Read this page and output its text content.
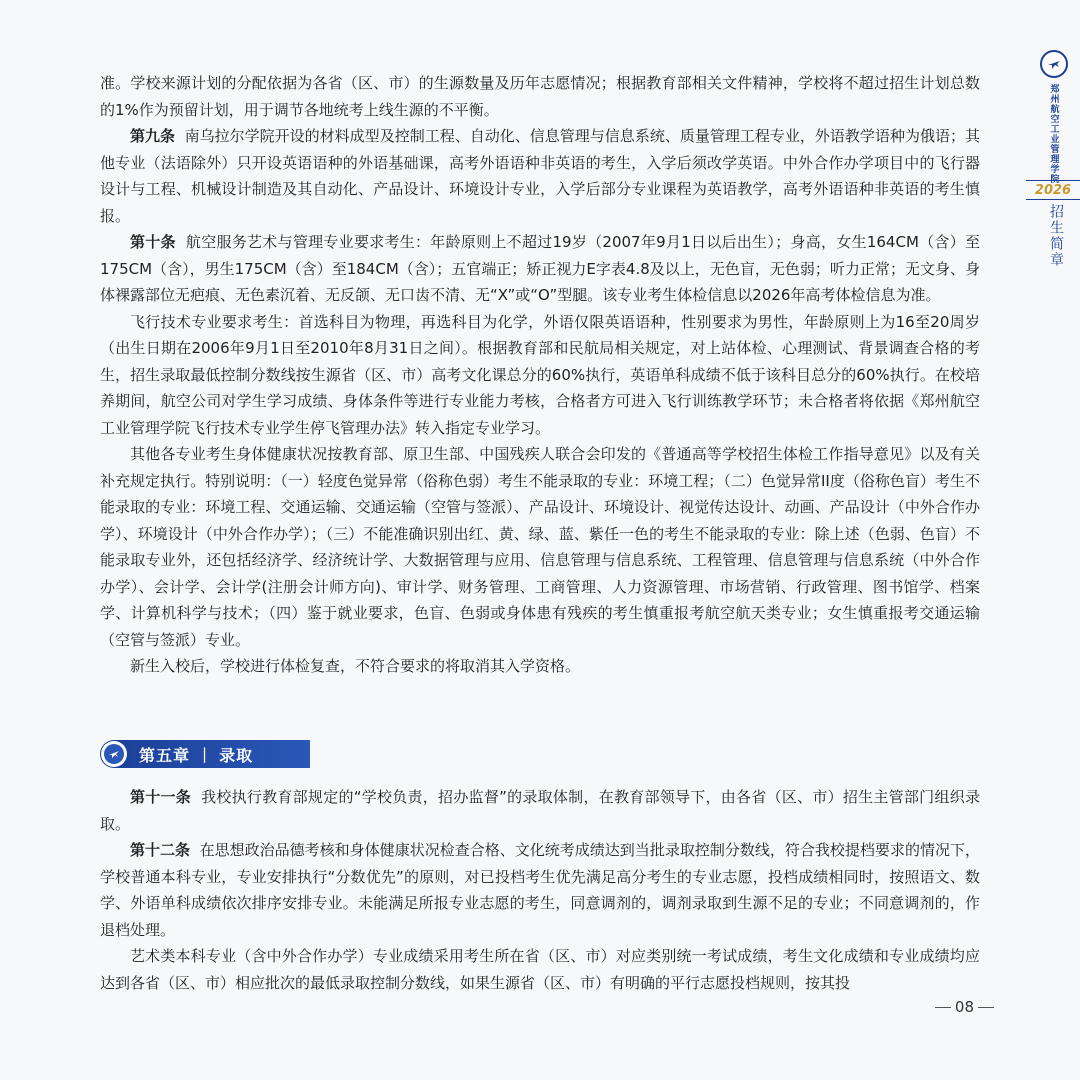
郑州航空工业管理学院
2026
招生简章

准。学校来源计划的分配依据为各省（区、市）的生源数量及历年志愿情况；根据教育部相关文件精神，学校将不超过招生计划总数的1%作为预留计划，用于调节各地统考上线生源的不平衡。

第九条 南乌拉尔学院开设的材料成型及控制工程、自动化、信息管理与信息系统、质量管理工程专业，外语教学语种为俄语；其他专业（法语除外）只开设英语语种的外语基础课，高考外语语种非英语的考生，入学后须改学英语。中外合作办学项目中的飞行器设计与工程、机械设计制造及其自动化、产品设计、环境设计专业，入学后部分专业课程为英语教学，高考外语语种非英语的考生慎报。

第十条 航空服务艺术与管理专业要求考生：年龄原则上不超过19岁（2007年9月1日以后出生）；身高，女生164CM（含）至175CM（含），男生175CM（含）至184CM（含）；五官端正；矫正视力E字表4.8及以上，无色盲，无色弱；听力正常；无文身、身体裸露部位无疤痕、无色素沉着、无反颌、无口齿不清、无“X”或“O”型腿。该专业考生体检信息以2026年高考体检信息为准。

飞行技术专业要求考生：首选科目为物理，再选科目为化学，外语仅限英语语种，性别要求为男性，年龄原则上为16至20周岁（出生日期在2006年9月1日至2010年8月31日之间）。根据教育部和民航局相关规定，对上站体检、心理测试、背景调查合格的考生，招生录取最低控制分数线按生源省（区、市）高考文化课总分的60%执行，英语单科成绩不低于该科目总分的60%执行。在校培养期间，航空公司对学生学习成绩、身体条件等进行专业能力考核，合格者方可进入飞行训练教学环节；未合格者将依据《郑州航空工业管理学院飞行技术专业学生停飞管理办法》转入指定专业学习。

其他各专业考生身体健康状况按教育部、原卫生部、中国残疾人联合会印发的《普通高等学校招生体检工作指导意见》以及有关补充规定执行。特别说明：（一）轻度色觉异常（俗称色弱）考生不能录取的专业：环境工程；（二）色觉异常II度（俗称色盲）考生不能录取的专业：环境工程、交通运输、交通运输（空管与签派）、产品设计、环境设计、视觉传达设计、动画、产品设计（中外合作办学）、环境设计（中外合作办学）；（三）不能准确识别出红、黄、绿、蓝、紫任一色的考生不能录取的专业：除上述（色弱、色盲）不能录取专业外，还包括经济学、经济统计学、大数据管理与应用、信息管理与信息系统、工程管理、信息管理与信息系统（中外合作办学）、会计学、会计学(注册会计师方向)、审计学、财务管理、工商管理、人力资源管理、市场营销、行政管理、图书馆学、档案学、计算机科学与技术；（四）鉴于就业要求，色盲、色弱或身体患有残疾的考生慎重报考航空航天类专业；女生慎重报考交通运输（空管与签派）专业。

新生入校后，学校进行体检复查，不符合要求的将取消其入学资格。

第五章 | 录取

第十一条 我校执行教育部规定的“学校负责，招办监督”的录取体制，在教育部领导下，由各省（区、市）招生主管部门组织录取。

第十二条 在思想政治品德考核和身体健康状况检查合格、文化统考成绩达到当批录取控制分数线，符合我校提档要求的情况下，学校普通本科专业，专业安排执行“分数优先”的原则，对已投档考生优先满足高分考生的专业志愿，投档成绩相同时，按照语文、数学、外语单科成绩依次排序安排专业。未能满足所报专业志愿的考生，同意调剂的，调剂录取到生源不足的专业；不同意调剂的，作退档处理。

艺术类本科专业（含中外合作办学）专业成绩采用考生所在省（区、市）对应类别统一考试成绩，考生文化成绩和专业成绩均应达到各省（区、市）相应批次的最低录取控制分数线，如果生源省（区、市）有明确的平行志愿投档规则，按其投

08
